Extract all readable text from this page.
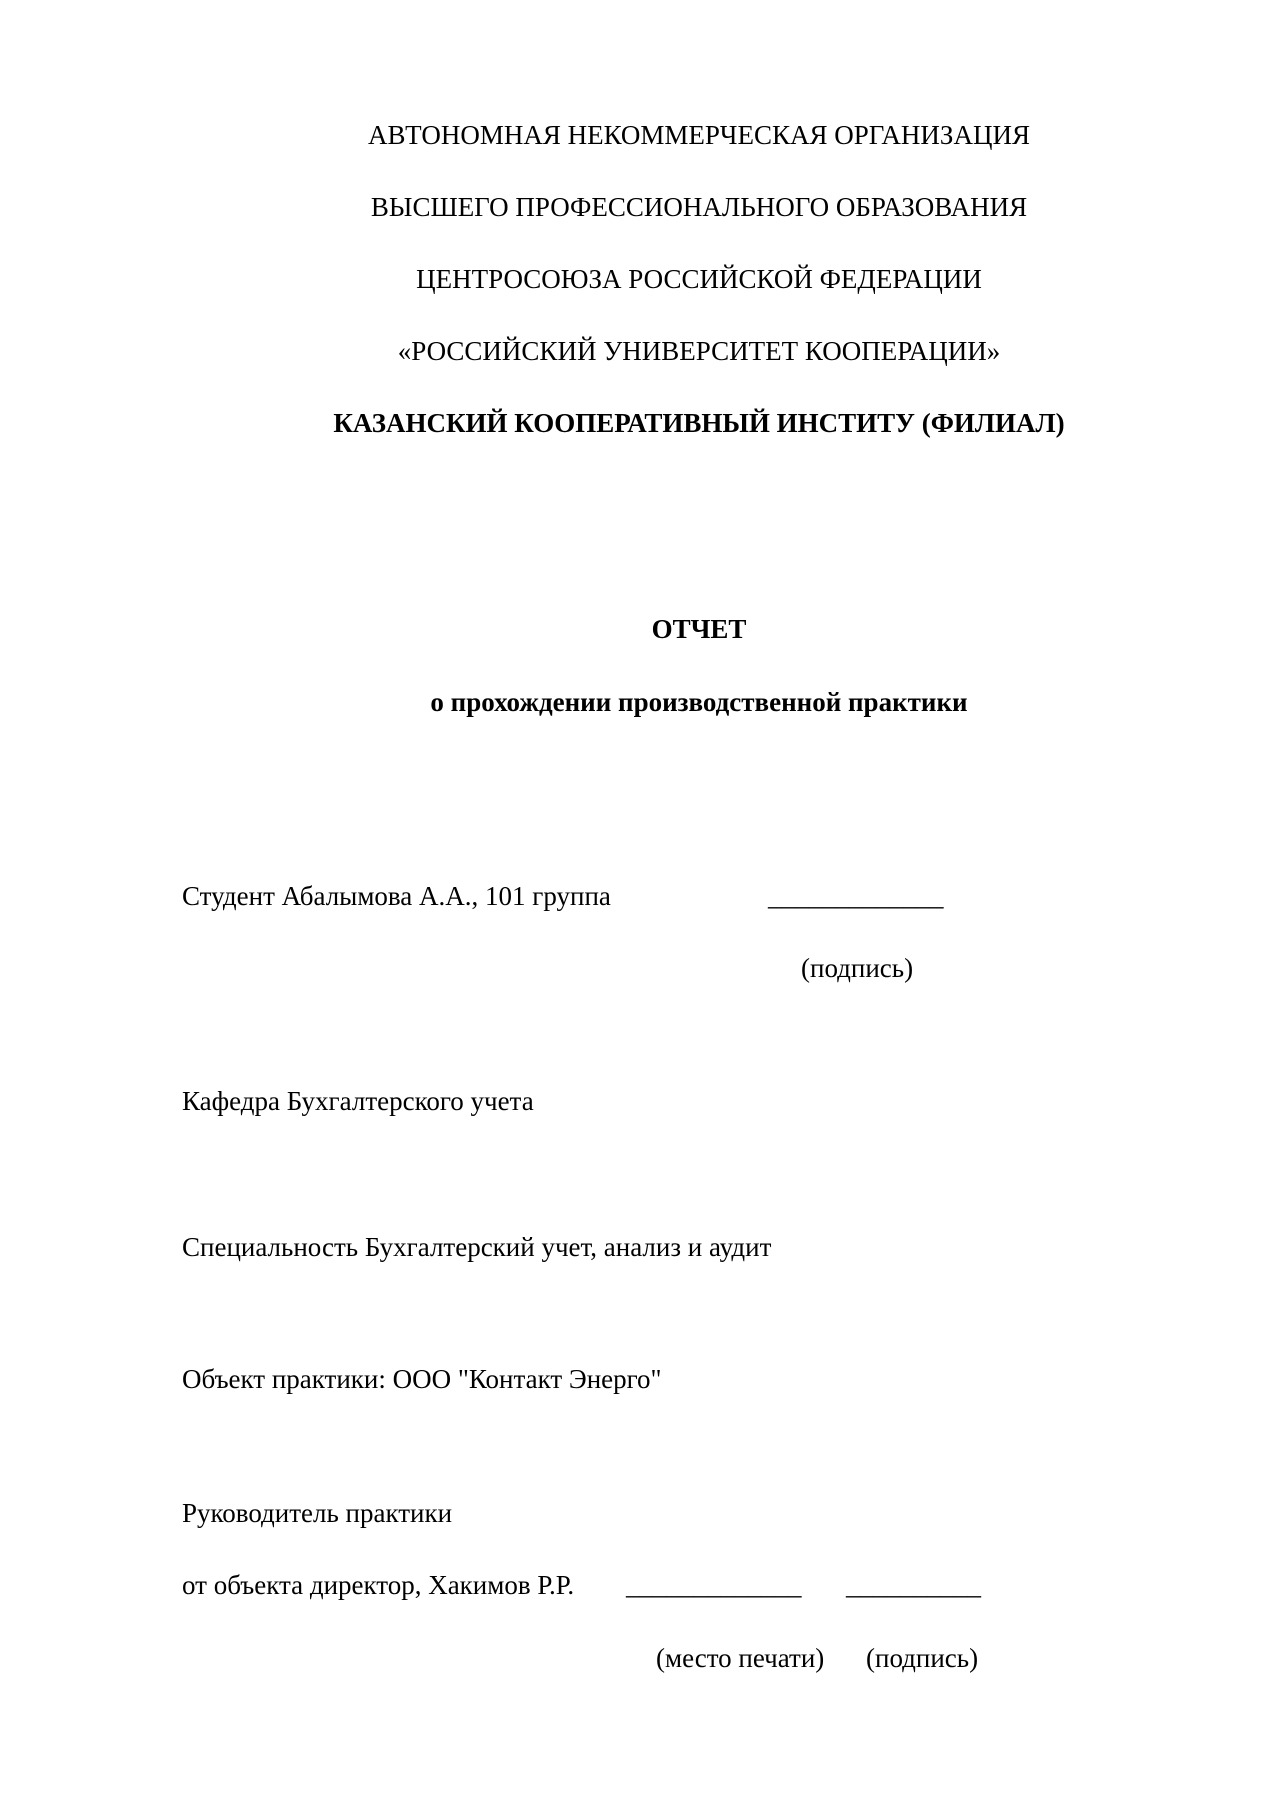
АВТОНОМНАЯ НЕКОММЕРЧЕСКАЯ ОРГАНИЗАЦИЯ
ВЫСШЕГО ПРОФЕССИОНАЛЬНОГО ОБРАЗОВАНИЯ
ЦЕНТРОСОЮЗА РОССИЙСКОЙ ФЕДЕРАЦИИ
«РОССИЙСКИЙ УНИВЕРСИТЕТ КООПЕРАЦИИ»
КАЗАНСКИЙ КООПЕРАТИВНЫЙ ИНСТИТУ (ФИЛИАЛ)
ОТЧЕТ
о прохождении производственной практики
Студент Абалымова А.А., 101 группа	_____________
(подпись)
Кафедра Бухгалтерского учета
Специальность Бухгалтерский учет, анализ и аудит
Объект практики: ООО "Контакт Энерго"
Руководитель практики
от объекта директор, Хакимов Р.Р. _____________ __________
(место печати) (подпись)
